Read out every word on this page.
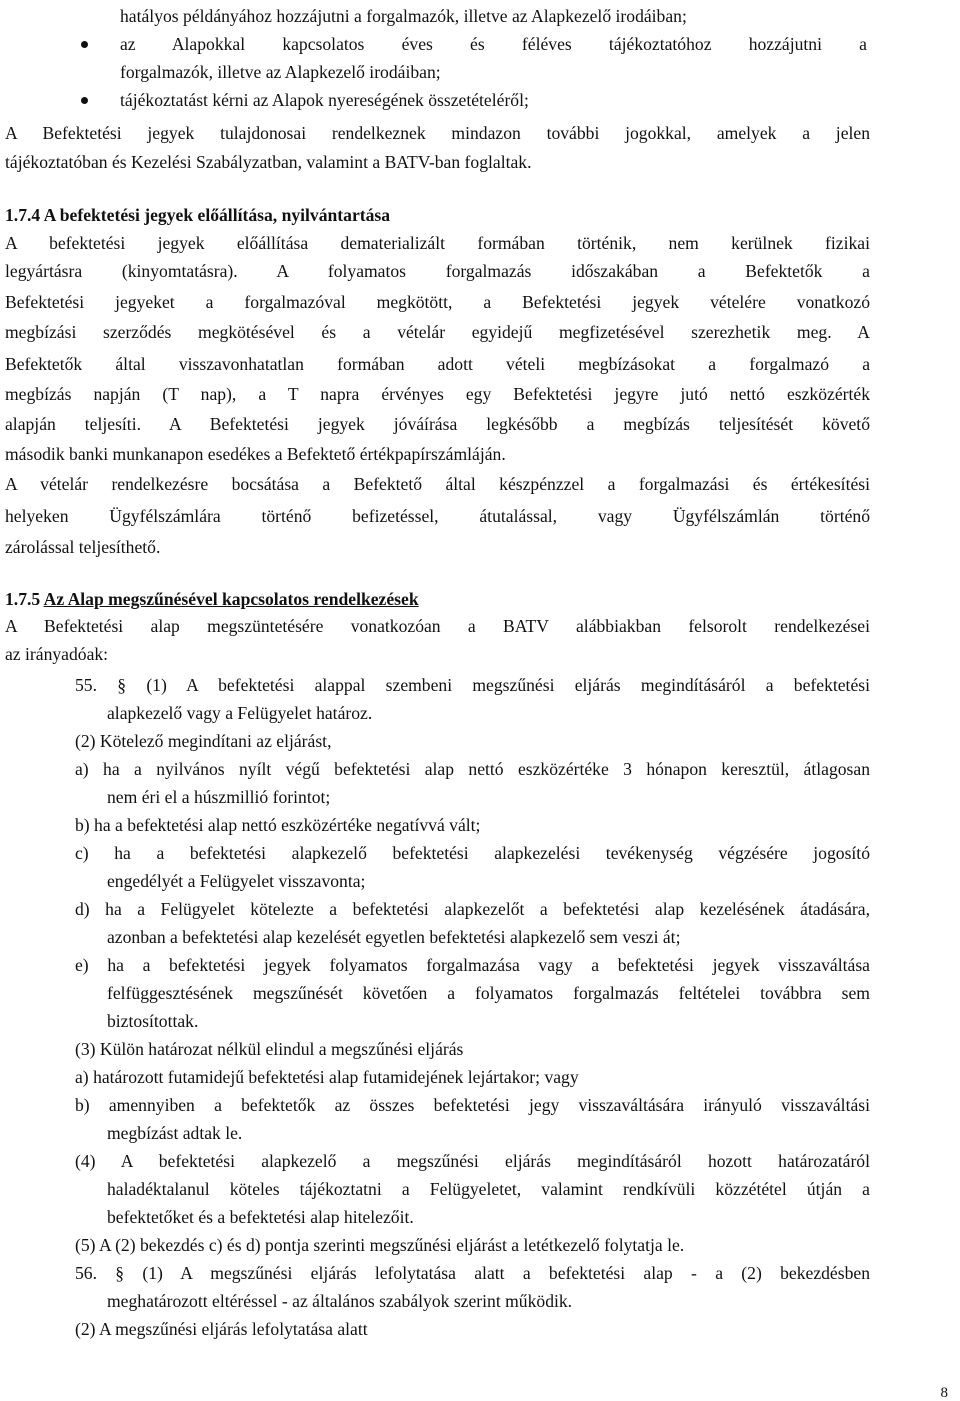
hatályos példányához hozzájutni a forgalmazók, illetve az Alapkezelő irodáiban;
az Alapokkal kapcsolatos éves és féléves tájékoztatóhoz hozzájutni a
forgalmazók, illetve az Alapkezelő irodáiban;
tájékoztatást kérni az Alapok nyereségének összetételéről;
A Befektetési jegyek tulajdonosai rendelkeznek mindazon további jogokkal, amelyek a jelen
tájékoztatóban és Kezelési Szabályzatban, valamint a BATV-ban foglaltak.
1.7.4 A befektetési jegyek előállítása, nyilvántartása
A befektetési jegyek előállítása dematerializált formában történik, nem kerülnek fizikai
legyártásra (kinyomtatásra). A folyamatos forgalmazás időszakában a Befektetők a
Befektetési jegyeket a forgalmazóval megkötött, a Befektetési jegyek vételére vonatkozó
megbízási szerződés megkötésével és a vételár egyidejű megfizetésével szerezhetik meg. A
Befektetők által visszavonhatatlan formában adott vételi megbízásokat a forgalmazó a
megbízás napján (T nap), a T napra érvényes egy Befektetési jegyre jutó nettó eszközérték
alapján teljesíti. A Befektetési jegyek jóváírása legkésőbb a megbízás teljesítését követő
második banki munkanapon esedékes a Befektető értékpapírszámláján.
A vételár rendelkezésre bocsátása a Befektető által készpénzzel a forgalmazási és értékesítési
helyeken Ügyfélszámlára történő befizetéssel, átutalással, vagy Ügyfélszámlán történő
zárolással teljesíthető.
1.7.5 Az Alap megszűnésével kapcsolatos rendelkezések
A Befektetési alap megszüntetésére vonatkozóan a BATV alábbiakban felsorolt rendelkezései
az irányadóak:
55. § (1) A befektetési alappal szembeni megszűnési eljárás megindításáról a befektetési
alapkezelő vagy a Felügyelet határoz.
(2) Kötelező megindítani az eljárást,
a) ha a nyilvános nyílt végű befektetési alap nettó eszközértéke 3 hónapon keresztül, átlagosan
nem éri el a húszmillió forintot;
b) ha a befektetési alap nettó eszközértéke negatívvá vált;
c) ha a befektetési alapkezelő befektetési alapkezelési tevékenység végzésére jogosító
engedélyét a Felügyelet visszavonta;
d) ha a Felügyelet kötelezte a befektetési alapkezelőt a befektetési alap kezelésének átadására,
azonban a befektetési alap kezelését egyetlen befektetési alapkezelő sem veszi át;
e) ha a befektetési jegyek folyamatos forgalmazása vagy a befektetési jegyek visszaváltása
felfüggesztésének megszűnését követően a folyamatos forgalmazás feltételei továbbra sem
biztosítottak.
(3) Külön határozat nélkül elindul a megszűnési eljárás
a) határozott futamidejű befektetési alap futamidejének lejártakor; vagy
b) amennyiben a befektetők az összes befektetési jegy visszaváltására irányuló visszaváltási
megbízást adtak le.
(4) A befektetési alapkezelő a megszűnési eljárás megindításáról hozott határozatáról
haladéktalanul köteles tájékoztatni a Felügyeletet, valamint rendkívüli közzététel útján a
befektetőket és a befektetési alap hitelezőit.
(5) A (2) bekezdés c) és d) pontja szerinti megszűnési eljárást a letétkezelő folytatja le.
56. § (1) A megszűnési eljárás lefolytatása alatt a befektetési alap - a (2) bekezdésben
meghatározott eltéréssel - az általános szabályok szerint működik.
(2) A megszűnési eljárás lefolytatása alatt
8
